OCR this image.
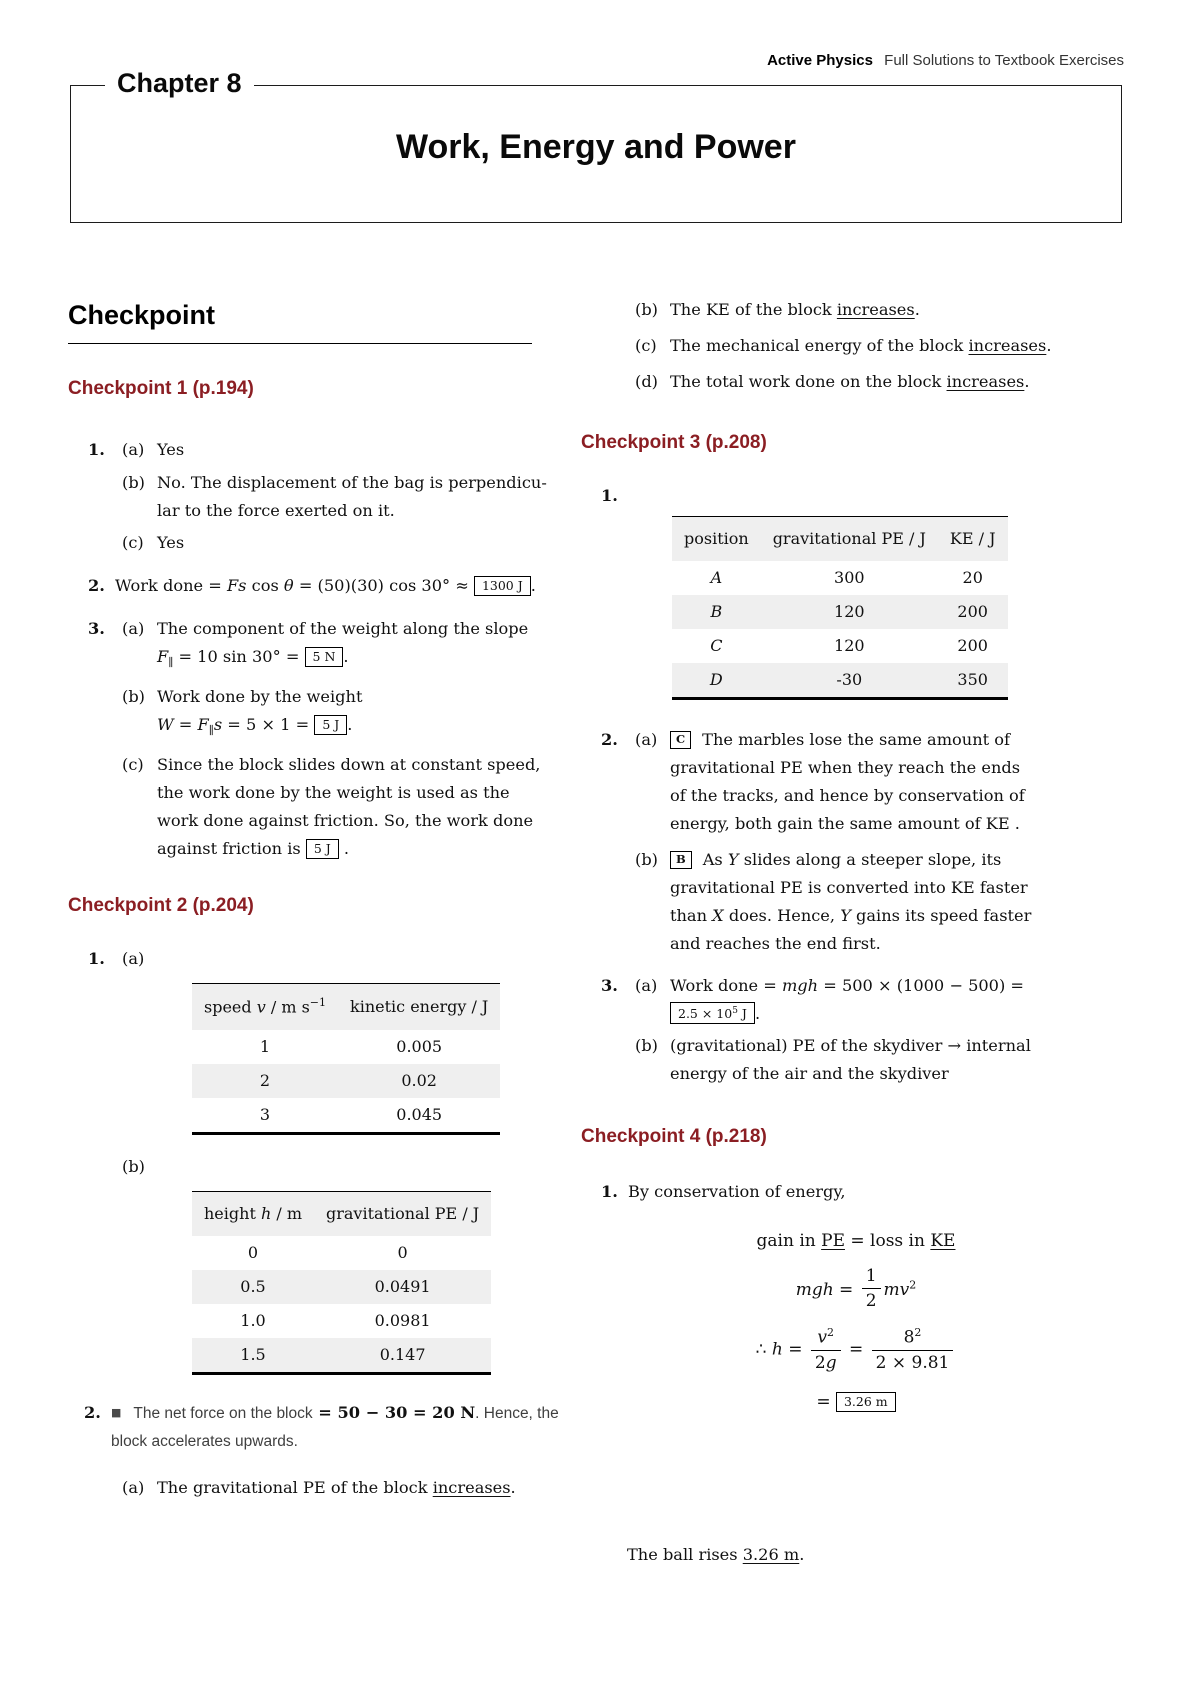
Active Physics Full Solutions to Textbook Exercises
Chapter 8
Work, Energy and Power
Checkpoint
Checkpoint 1 (p.194)
1.	(a) Yes
(b) No. The displacement of the bag is perpendicu-
lar to the force exerted on it.
(c) Yes
2. Work done = Fs cos θ = (50)(30) cos 30° ≈ 1300 J .
3.	(a) The component of the weight along the slope
$F_\parallel = 10$ sin 30° = 5 N .
(b) Work done by the weight
$W = F_\parallel s = 5 \times 1 = 5$ J .
(c) Since the block slides down at constant speed,
the work done by the weight is used as the
work done against friction. So, the work done
against friction is 5 J .
Checkpoint 2 (p.204)
1.	(a)
speed v / m $s^{-1}$	kinetic energy / J
1	0.005
2	0.02
3	0.045
(b)
height h / m	gravitational PE / J
0	0
0.5	0.0491
1.0	0.0981
1.5	0.147
2. ■ The net force on the block = 50 − 30 = 20 N. Hence, the
block accelerates upwards.
(a) The gravitational PE of the block increases.
(b) The KE of the block increases.
(c) The mechanical energy of the block increases.
(d) The total work done on the block increases.
Checkpoint 3 (p.208)
1.
position	gravitational PE / J	KE / J
A	300	20
B	120	200
C	120	200
D	-30	350
2.	(a)	C The marbles lose the same amount of
gravitational PE when they reach the ends
of the tracks, and hence by conservation of
energy, both gain the same amount of KE .
(b)	B As Y slides along a steeper slope, its
gravitational PE is converted into KE faster
than X does. Hence, Y gains its speed faster
and reaches the end first.
3.	(a) Work done = mgh = 500 × (1000 − 500) =
$2.5 \times 10^5$ J .
(b) (gravitational) PE of the skydiver → internal
energy of the air and the skydiver
Checkpoint 4 (p.218)
1. By conservation of energy,
gain in PE = loss in KE
mgh = $\frac{1}{2} mv^2$
∴ $h = \frac{v^2}{2g} = \frac{8^2}{2 \times 9.81}$
= 3.26 m
The ball rises 3.26 m.
